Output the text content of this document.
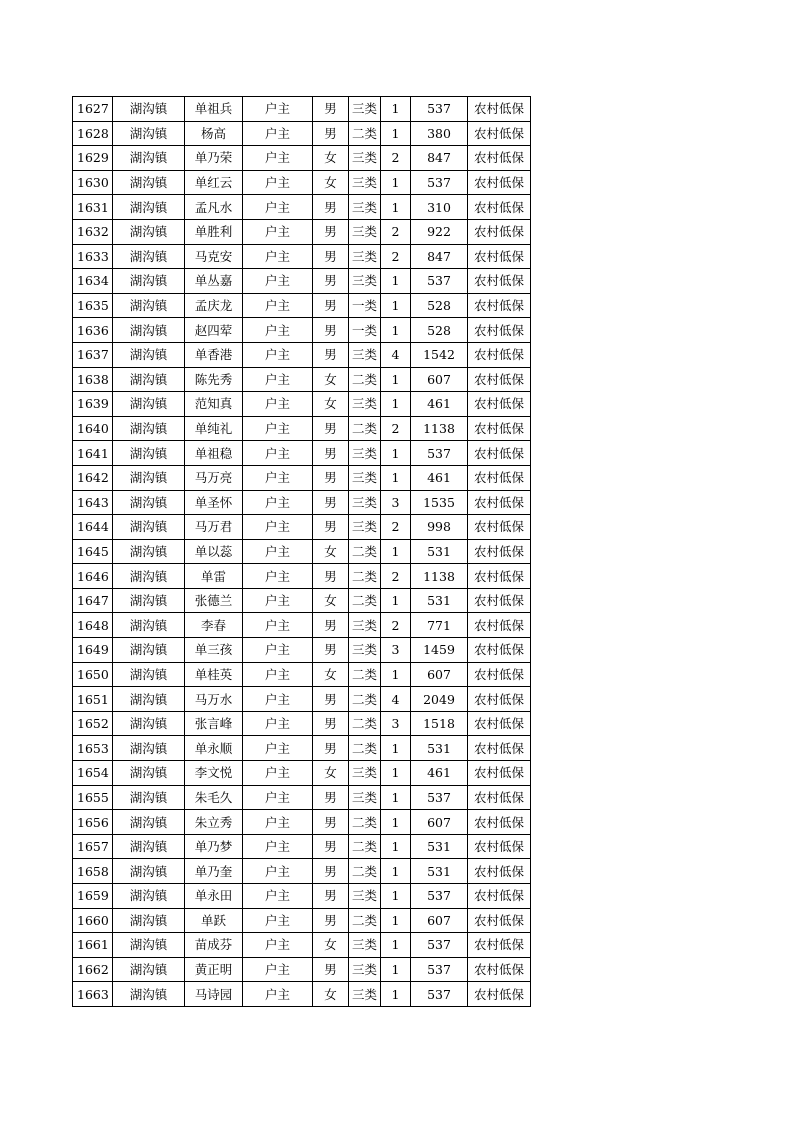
1627	湖沟镇	单祖兵	户主	男	三类	1	537	农村低保
1628	湖沟镇	杨高	户主	男	二类	1	380	农村低保
1629	湖沟镇	单乃荣	户主	女	三类	2	847	农村低保
1630	湖沟镇	单红云	户主	女	三类	1	537	农村低保
1631	湖沟镇	孟凡水	户主	男	三类	1	310	农村低保
1632	湖沟镇	单胜利	户主	男	三类	2	922	农村低保
1633	湖沟镇	马克安	户主	男	三类	2	847	农村低保
1634	湖沟镇	单丛嘉	户主	男	三类	1	537	农村低保
1635	湖沟镇	孟庆龙	户主	男	一类	1	528	农村低保
1636	湖沟镇	赵四荤	户主	男	一类	1	528	农村低保
1637	湖沟镇	单香港	户主	男	三类	4	1542	农村低保
1638	湖沟镇	陈先秀	户主	女	二类	1	607	农村低保
1639	湖沟镇	范知真	户主	女	三类	1	461	农村低保
1640	湖沟镇	单纯礼	户主	男	二类	2	1138	农村低保
1641	湖沟镇	单祖稳	户主	男	三类	1	537	农村低保
1642	湖沟镇	马万亮	户主	男	三类	1	461	农村低保
1643	湖沟镇	单圣怀	户主	男	三类	3	1535	农村低保
1644	湖沟镇	马万君	户主	男	三类	2	998	农村低保
1645	湖沟镇	单以蕊	户主	女	二类	1	531	农村低保
1646	湖沟镇	单雷	户主	男	二类	2	1138	农村低保
1647	湖沟镇	张德兰	户主	女	二类	1	531	农村低保
1648	湖沟镇	李春	户主	男	三类	2	771	农村低保
1649	湖沟镇	单三孩	户主	男	三类	3	1459	农村低保
1650	湖沟镇	单桂英	户主	女	二类	1	607	农村低保
1651	湖沟镇	马万水	户主	男	二类	4	2049	农村低保
1652	湖沟镇	张言峰	户主	男	二类	3	1518	农村低保
1653	湖沟镇	单永顺	户主	男	二类	1	531	农村低保
1654	湖沟镇	李文悦	户主	女	三类	1	461	农村低保
1655	湖沟镇	朱毛久	户主	男	三类	1	537	农村低保
1656	湖沟镇	朱立秀	户主	男	二类	1	607	农村低保
1657	湖沟镇	单乃梦	户主	男	二类	1	531	农村低保
1658	湖沟镇	单乃奎	户主	男	二类	1	531	农村低保
1659	湖沟镇	单永田	户主	男	三类	1	537	农村低保
1660	湖沟镇	单跃	户主	男	二类	1	607	农村低保
1661	湖沟镇	苗成芬	户主	女	三类	1	537	农村低保
1662	湖沟镇	黄正明	户主	男	三类	1	537	农村低保
1663	湖沟镇	马诗园	户主	女	三类	1	537	农村低保
